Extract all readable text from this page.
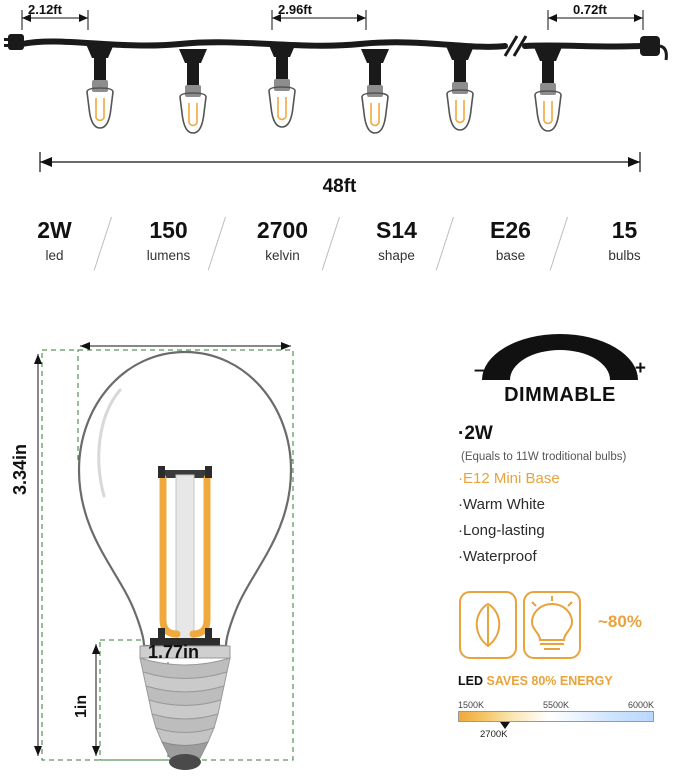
2.12ft	2.96ft	0.72ft
48ft
2W
led
150
lumens
2700
kelvin
S14
shape
E26
base
15
bulbs
1.77in
3.34in
1in
–	+
DIMMABLE
·2W
(Equals to 11W troditional bulbs)
·E12 Mini Base
·Warm White
·Long-lasting
·Waterproof
~80%
LED SAVES 80% ENERGY
1500K	5500K	6000K
2700K
